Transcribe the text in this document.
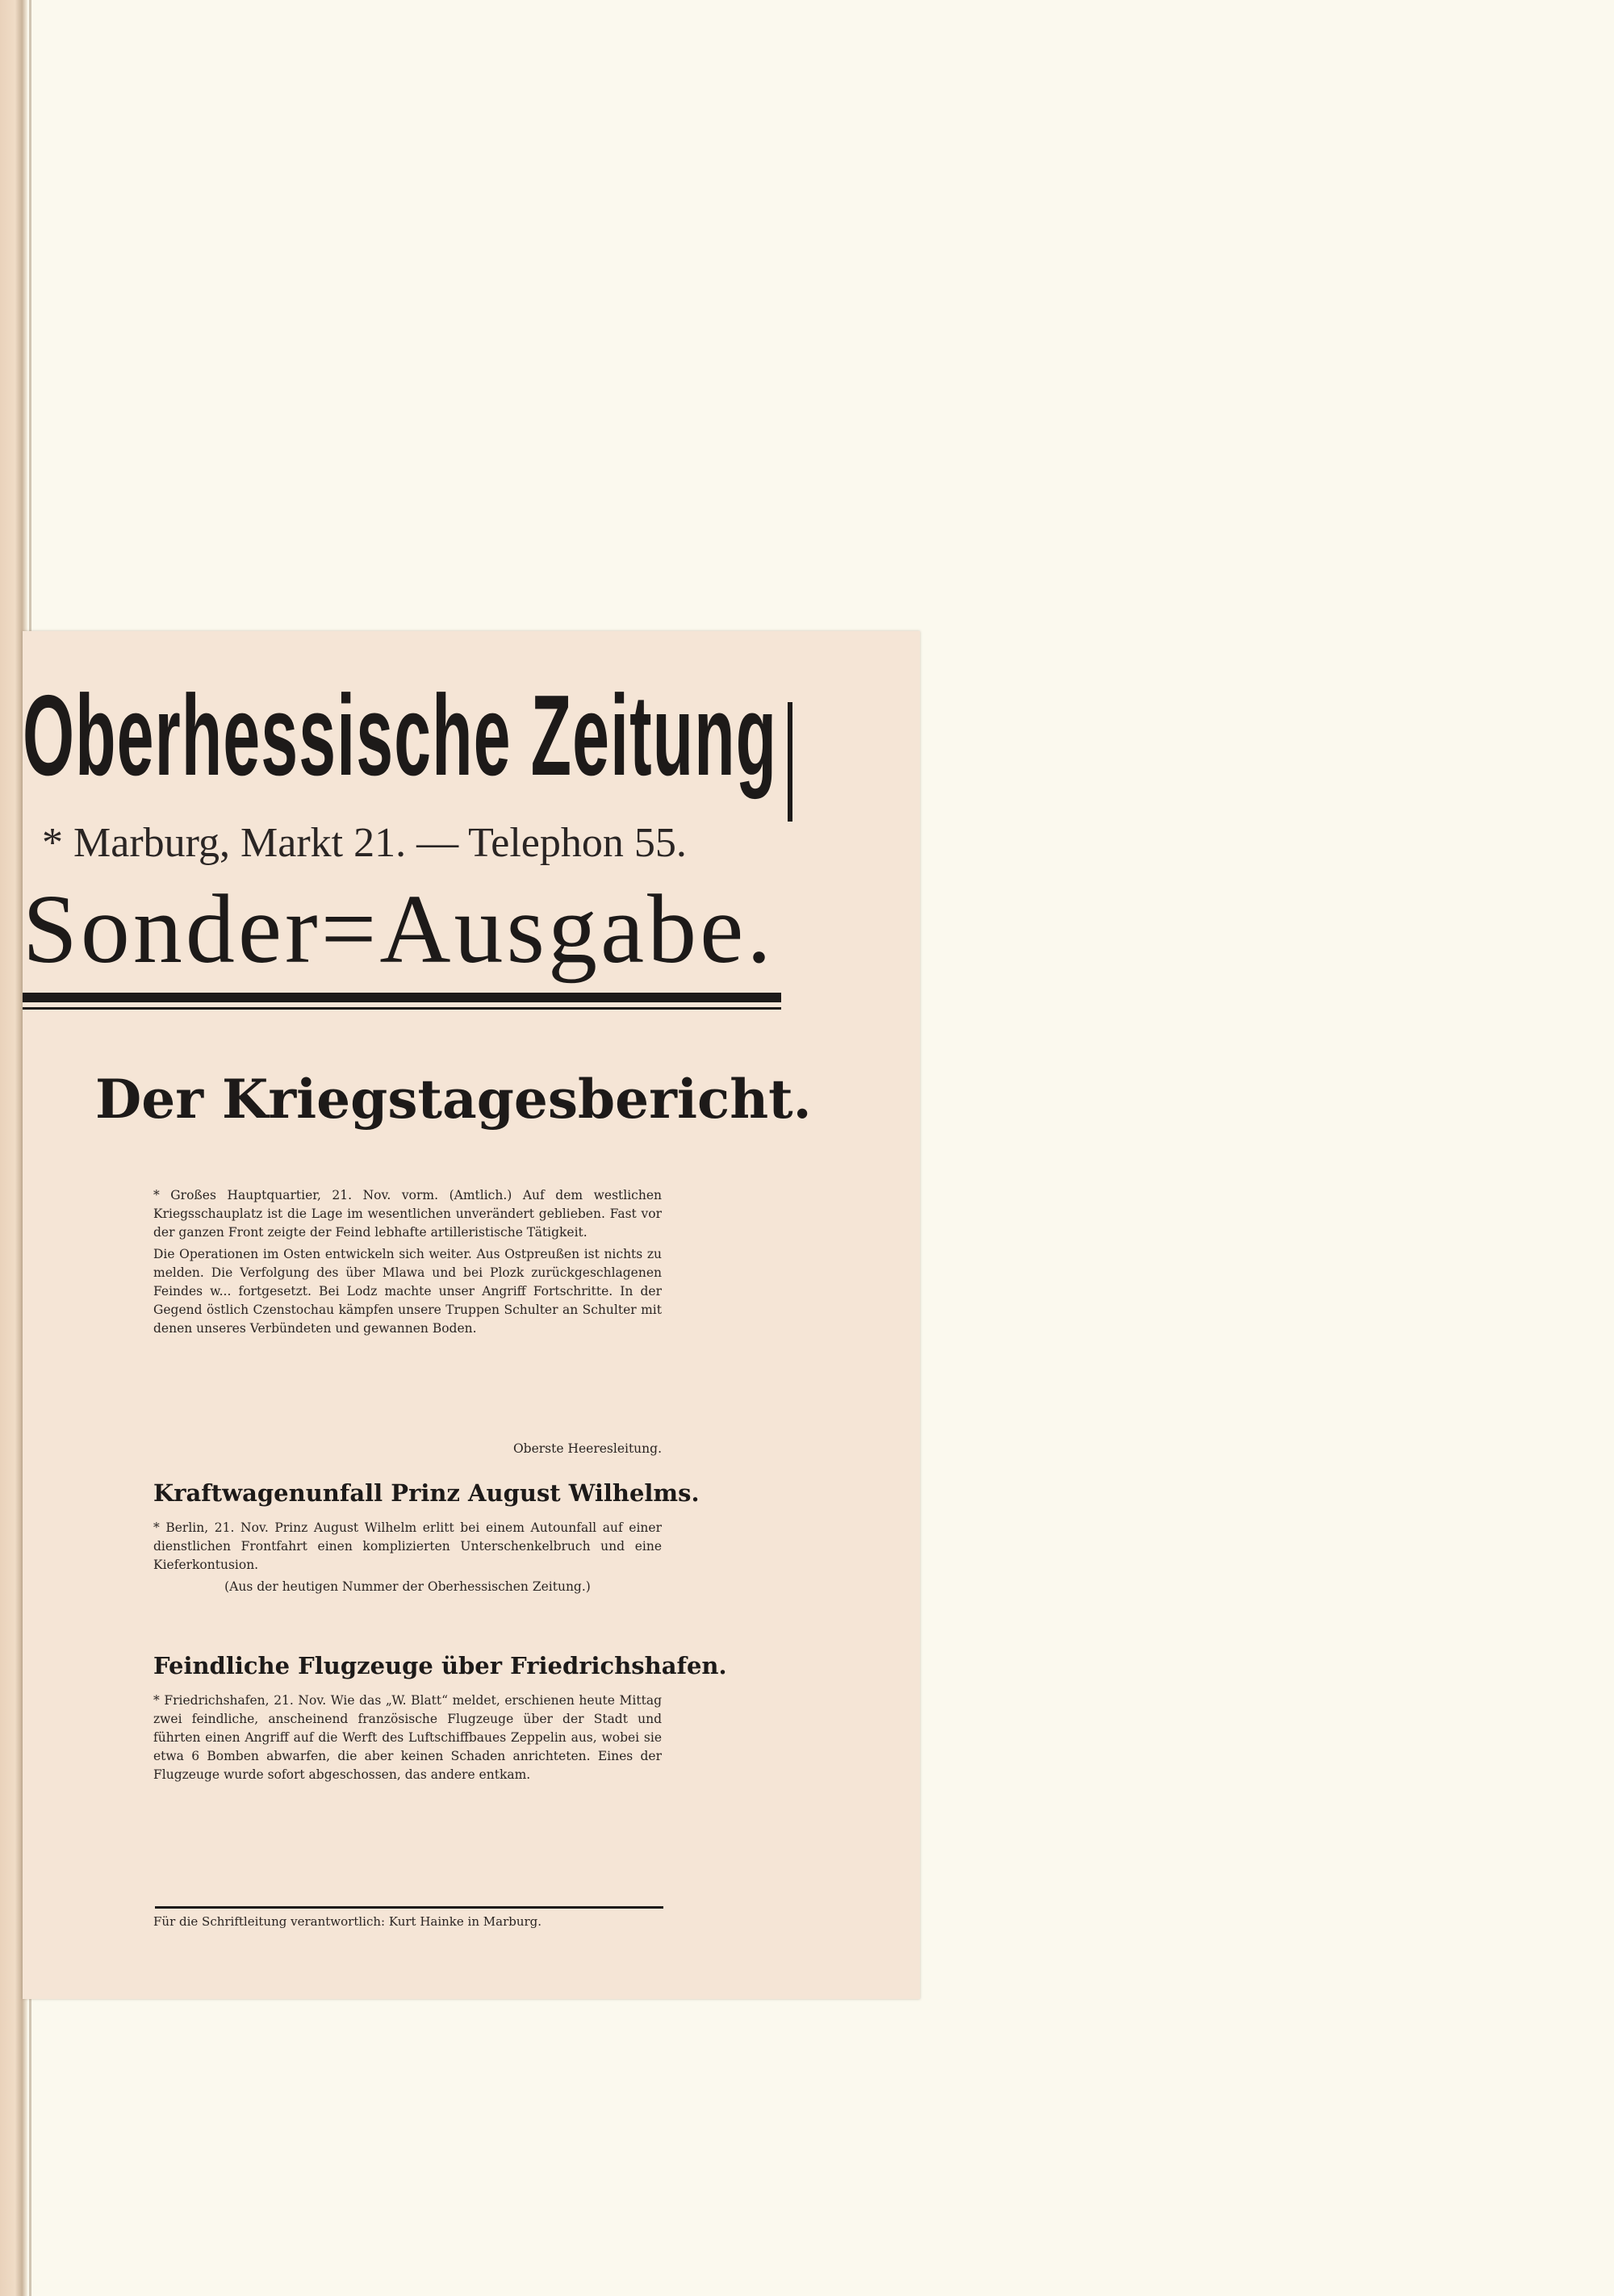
Oberhessische Zeitung
* Marburg, Markt 21. — Telephon 55.
Sonder=Ausgabe.
Der Kriegstagesbericht.

* Großes Hauptquartier, 21. Nov. vorm. (Amtlich.) Auf dem westlichen Kriegsschauplatz ist die Lage im wesentlichen unverändert geblieben. Fast vor der ganzen Front zeigte der Feind lebhafte artilleristische Tätigkeit.

Die Operationen im Osten entwickeln sich weiter. Aus Ostpreußen ist nichts zu melden. Die Verfolgung des über Mlawa und bei Plozk zurückgeschlagenen Feindes w... fortgesetzt. Bei Lodz machte unser Angriff Fortschritte. In der Gegend östlich Czenstochau kämpfen unsere Truppen Schulter an Schulter mit denen unseres Verbündeten und gewannen Boden.

Oberste Heeresleitung.
Kraftwagenunfall Prinz August Wilhelms.

* Berlin, 21. Nov. Prinz August Wilhelm erlitt bei einem Autounfall auf einer dienstlichen Frontfahrt einen komplizierten Unterschenkelbruch und eine Kieferkontusion.

(Aus der heutigen Nummer der Oberhessischen Zeitung.)

Feindliche Flugzeuge über Friedrichshafen.

* Friedrichshafen, 21. Nov. Wie das „W. Blatt“ meldet, erschienen heute Mittag zwei feindliche, anscheinend französische Flugzeuge über der Stadt und führten einen Angriff auf die Werft des Luftschiffbaues Zeppelin aus, wobei sie etwa 6 Bomben abwarfen, die aber keinen Schaden anrichteten. Eines der Flugzeuge wurde sofort abgeschossen, das andere entkam.

Für die Schriftleitung verantwortlich: Kurt Hainke in Marburg.
